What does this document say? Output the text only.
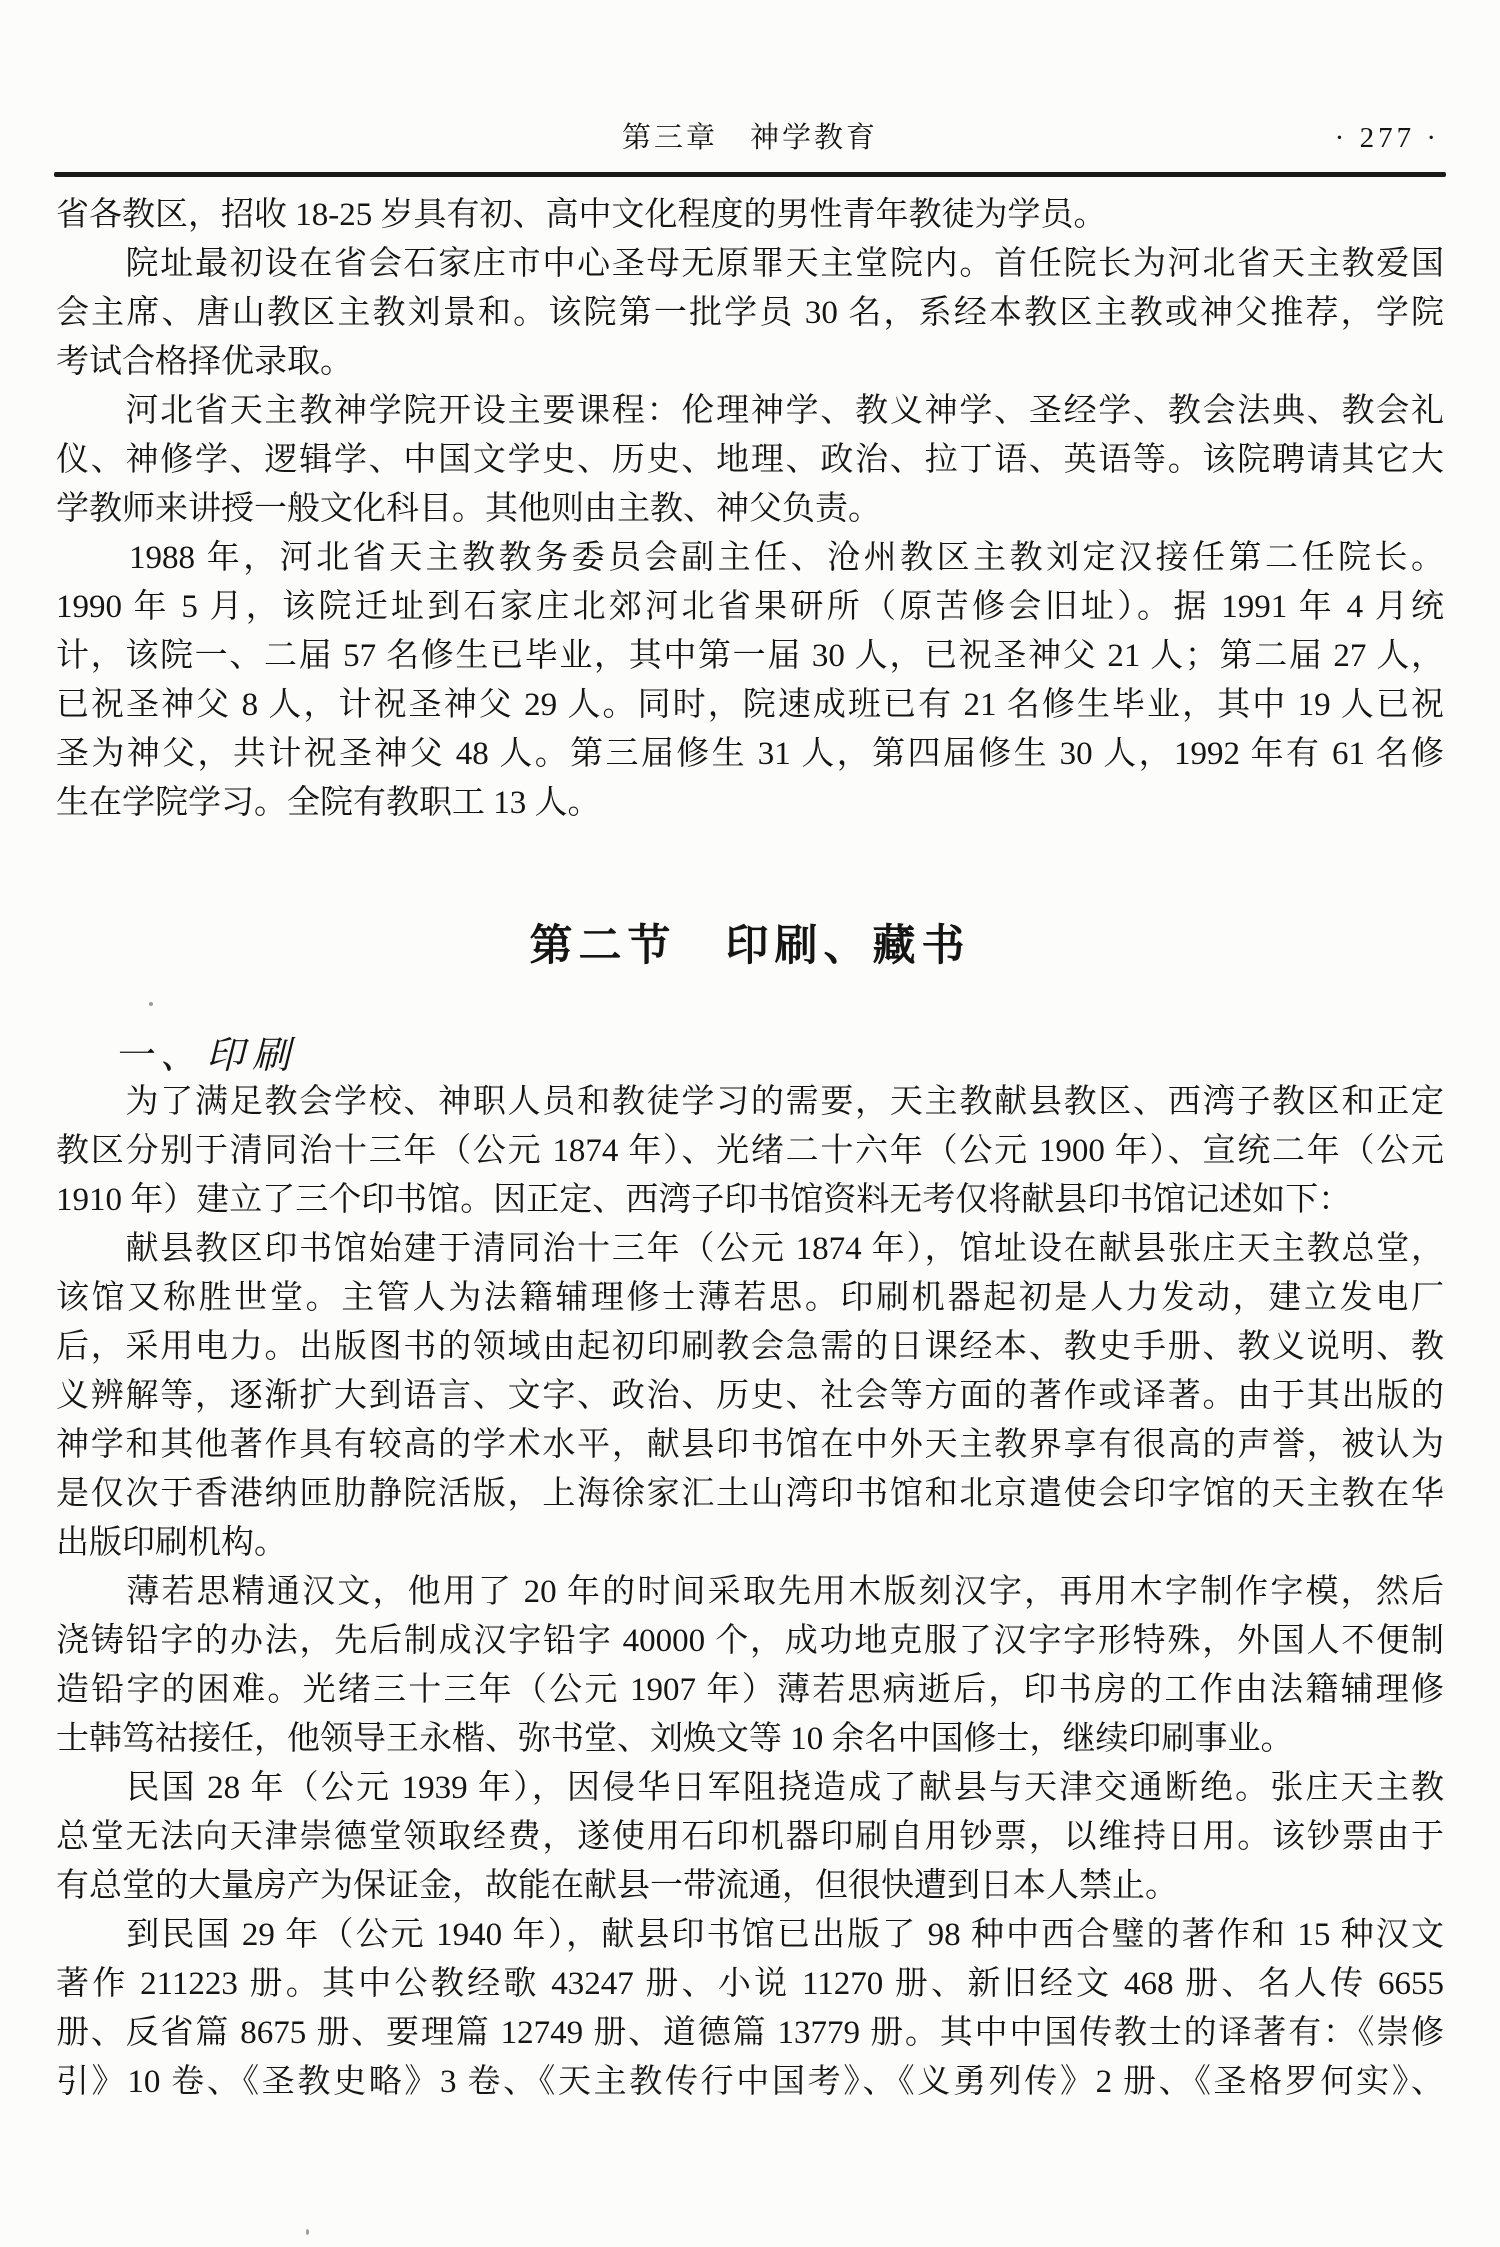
第三章　神学教育	· 277 ·
省各教区，招收 18-25 岁具有初、高中文化程度的男性青年教徒为学员。
　　院址最初设在省会石家庄市中心圣母无原罪天主堂院内。首任院长为河北省天主教爱国
会主席、唐山教区主教刘景和。该院第一批学员 30 名，系经本教区主教或神父推荐，学院
考试合格择优录取。
　　河北省天主教神学院开设主要课程：伦理神学、教义神学、圣经学、教会法典、教会礼
仪、神修学、逻辑学、中国文学史、历史、地理、政治、拉丁语、英语等。该院聘请其它大
学教师来讲授一般文化科目。其他则由主教、神父负责。
　　1988 年，河北省天主教教务委员会副主任、沧州教区主教刘定汉接任第二任院长。
1990 年 5 月，该院迁址到石家庄北郊河北省果研所（原苦修会旧址）。据 1991 年 4 月统
计，该院一、二届 57 名修生已毕业，其中第一届 30 人，已祝圣神父 21 人；第二届 27 人，
已祝圣神父 8 人，计祝圣神父 29 人。同时，院速成班已有 21 名修生毕业，其中 19 人已祝
圣为神父，共计祝圣神父 48 人。第三届修生 31 人，第四届修生 30 人，1992 年有 61 名修
生在学院学习。全院有教职工 13 人。
第二节　印刷、藏书
一、印刷
　　为了满足教会学校、神职人员和教徒学习的需要，天主教献县教区、西湾子教区和正定
教区分别于清同治十三年（公元 1874 年）、光绪二十六年（公元 1900 年）、宣统二年（公元
1910 年）建立了三个印书馆。因正定、西湾子印书馆资料无考仅将献县印书馆记述如下：
　　献县教区印书馆始建于清同治十三年（公元 1874 年），馆址设在献县张庄天主教总堂，
该馆又称胜世堂。主管人为法籍辅理修士薄若思。印刷机器起初是人力发动，建立发电厂
后，采用电力。出版图书的领域由起初印刷教会急需的日课经本、教史手册、教义说明、教
义辨解等，逐渐扩大到语言、文字、政治、历史、社会等方面的著作或译著。由于其出版的
神学和其他著作具有较高的学术水平，献县印书馆在中外天主教界享有很高的声誉，被认为
是仅次于香港纳匝肋静院活版，上海徐家汇土山湾印书馆和北京遣使会印字馆的天主教在华
出版印刷机构。
　　薄若思精通汉文，他用了 20 年的时间采取先用木版刻汉字，再用木字制作字模，然后
浇铸铅字的办法，先后制成汉字铅字 40000 个，成功地克服了汉字字形特殊，外国人不便制
造铅字的困难。光绪三十三年（公元 1907 年）薄若思病逝后，印书房的工作由法籍辅理修
士韩笃祜接任，他领导王永楷、弥书堂、刘焕文等 10 余名中国修士，继续印刷事业。
　　民国 28 年（公元 1939 年），因侵华日军阻挠造成了献县与天津交通断绝。张庄天主教
总堂无法向天津崇德堂领取经费，遂使用石印机器印刷自用钞票，以维持日用。该钞票由于
有总堂的大量房产为保证金，故能在献县一带流通，但很快遭到日本人禁止。
　　到民国 29 年（公元 1940 年），献县印书馆已出版了 98 种中西合璧的著作和 15 种汉文
著作 211223 册。其中公教经歌 43247 册、小说 11270 册、新旧经文 468 册、名人传 6655
册、反省篇 8675 册、要理篇 12749 册、道德篇 13779 册。其中中国传教士的译著有：《崇修
引》10 卷、《圣教史略》3 卷、《天主教传行中国考》、《义勇列传》2 册、《圣格罗何实》、
